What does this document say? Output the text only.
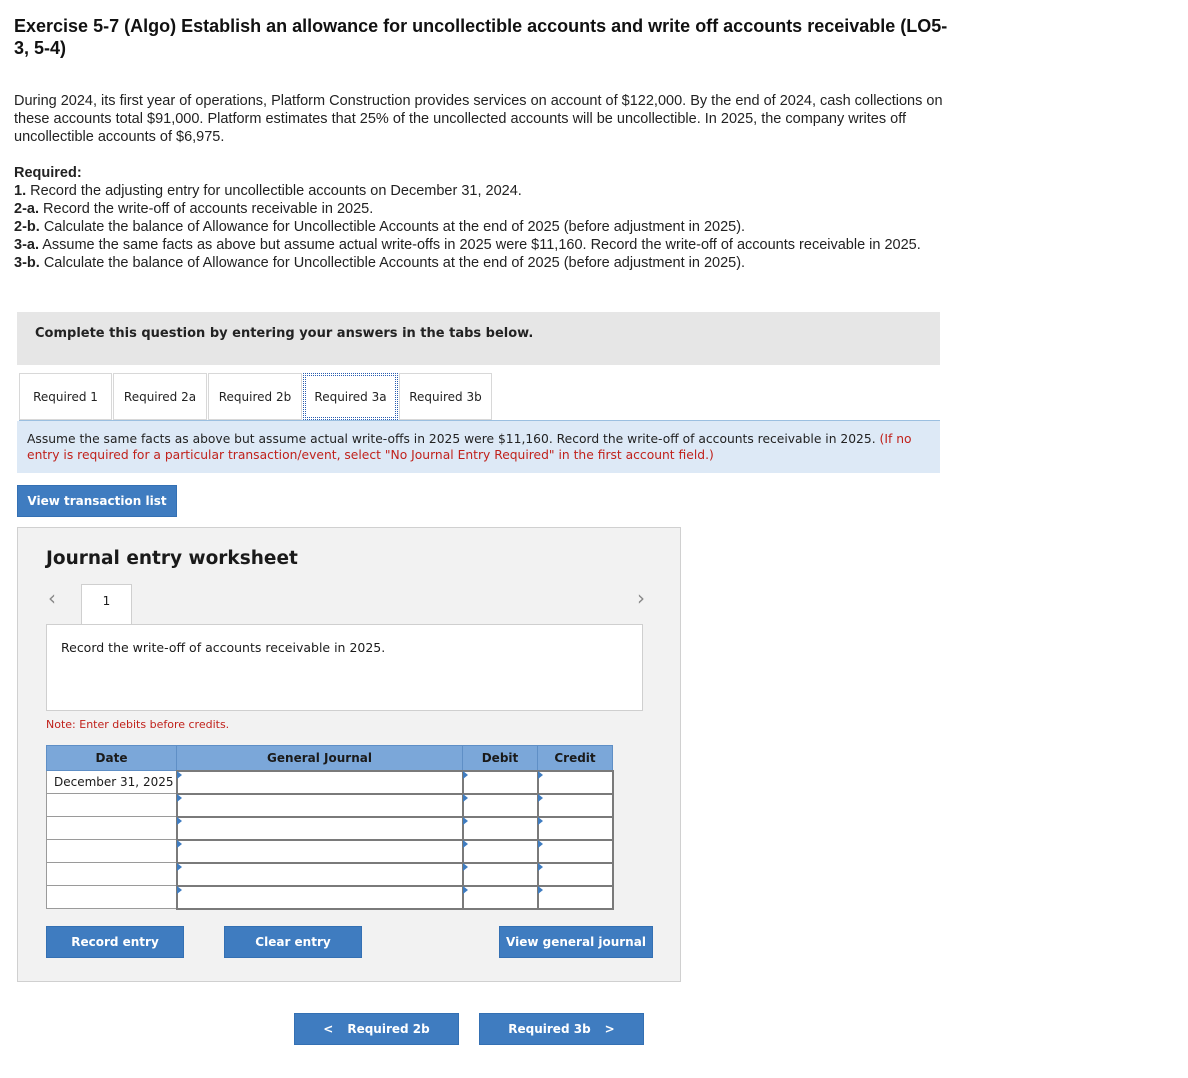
Exercise 5-7 (Algo) Establish an allowance for uncollectible accounts and write off accounts receivable (LO5-3, 5-4)
During 2024, its first year of operations, Platform Construction provides services on account of $122,000. By the end of 2024, cash collections on these accounts total $91,000. Platform estimates that 25% of the uncollected accounts will be uncollectible. In 2025, the company writes off uncollectible accounts of $6,975.
Required:
1. Record the adjusting entry for uncollectible accounts on December 31, 2024.
2-a. Record the write-off of accounts receivable in 2025.
2-b. Calculate the balance of Allowance for Uncollectible Accounts at the end of 2025 (before adjustment in 2025).
3-a. Assume the same facts as above but assume actual write-offs in 2025 were $11,160. Record the write-off of accounts receivable in 2025.
3-b. Calculate the balance of Allowance for Uncollectible Accounts at the end of 2025 (before adjustment in 2025).
Complete this question by entering your answers in the tabs below.
Required 1	Required 2a	Required 2b	Required 3a	Required 3b
Assume the same facts as above but assume actual write-offs in 2025 were $11,160. Record the write-off of accounts receivable in 2025. (If no entry is required for a particular transaction/event, select "No Journal Entry Required" in the first account field.)
View transaction list
Journal entry worksheet
‹	1	›
Record the write-off of accounts receivable in 2025.
Note: Enter debits before credits.
Date	General Journal	Debit	Credit
December 31, 2025	

Record entry	Clear entry	View general journal
< Required 2b	Required 3b >
